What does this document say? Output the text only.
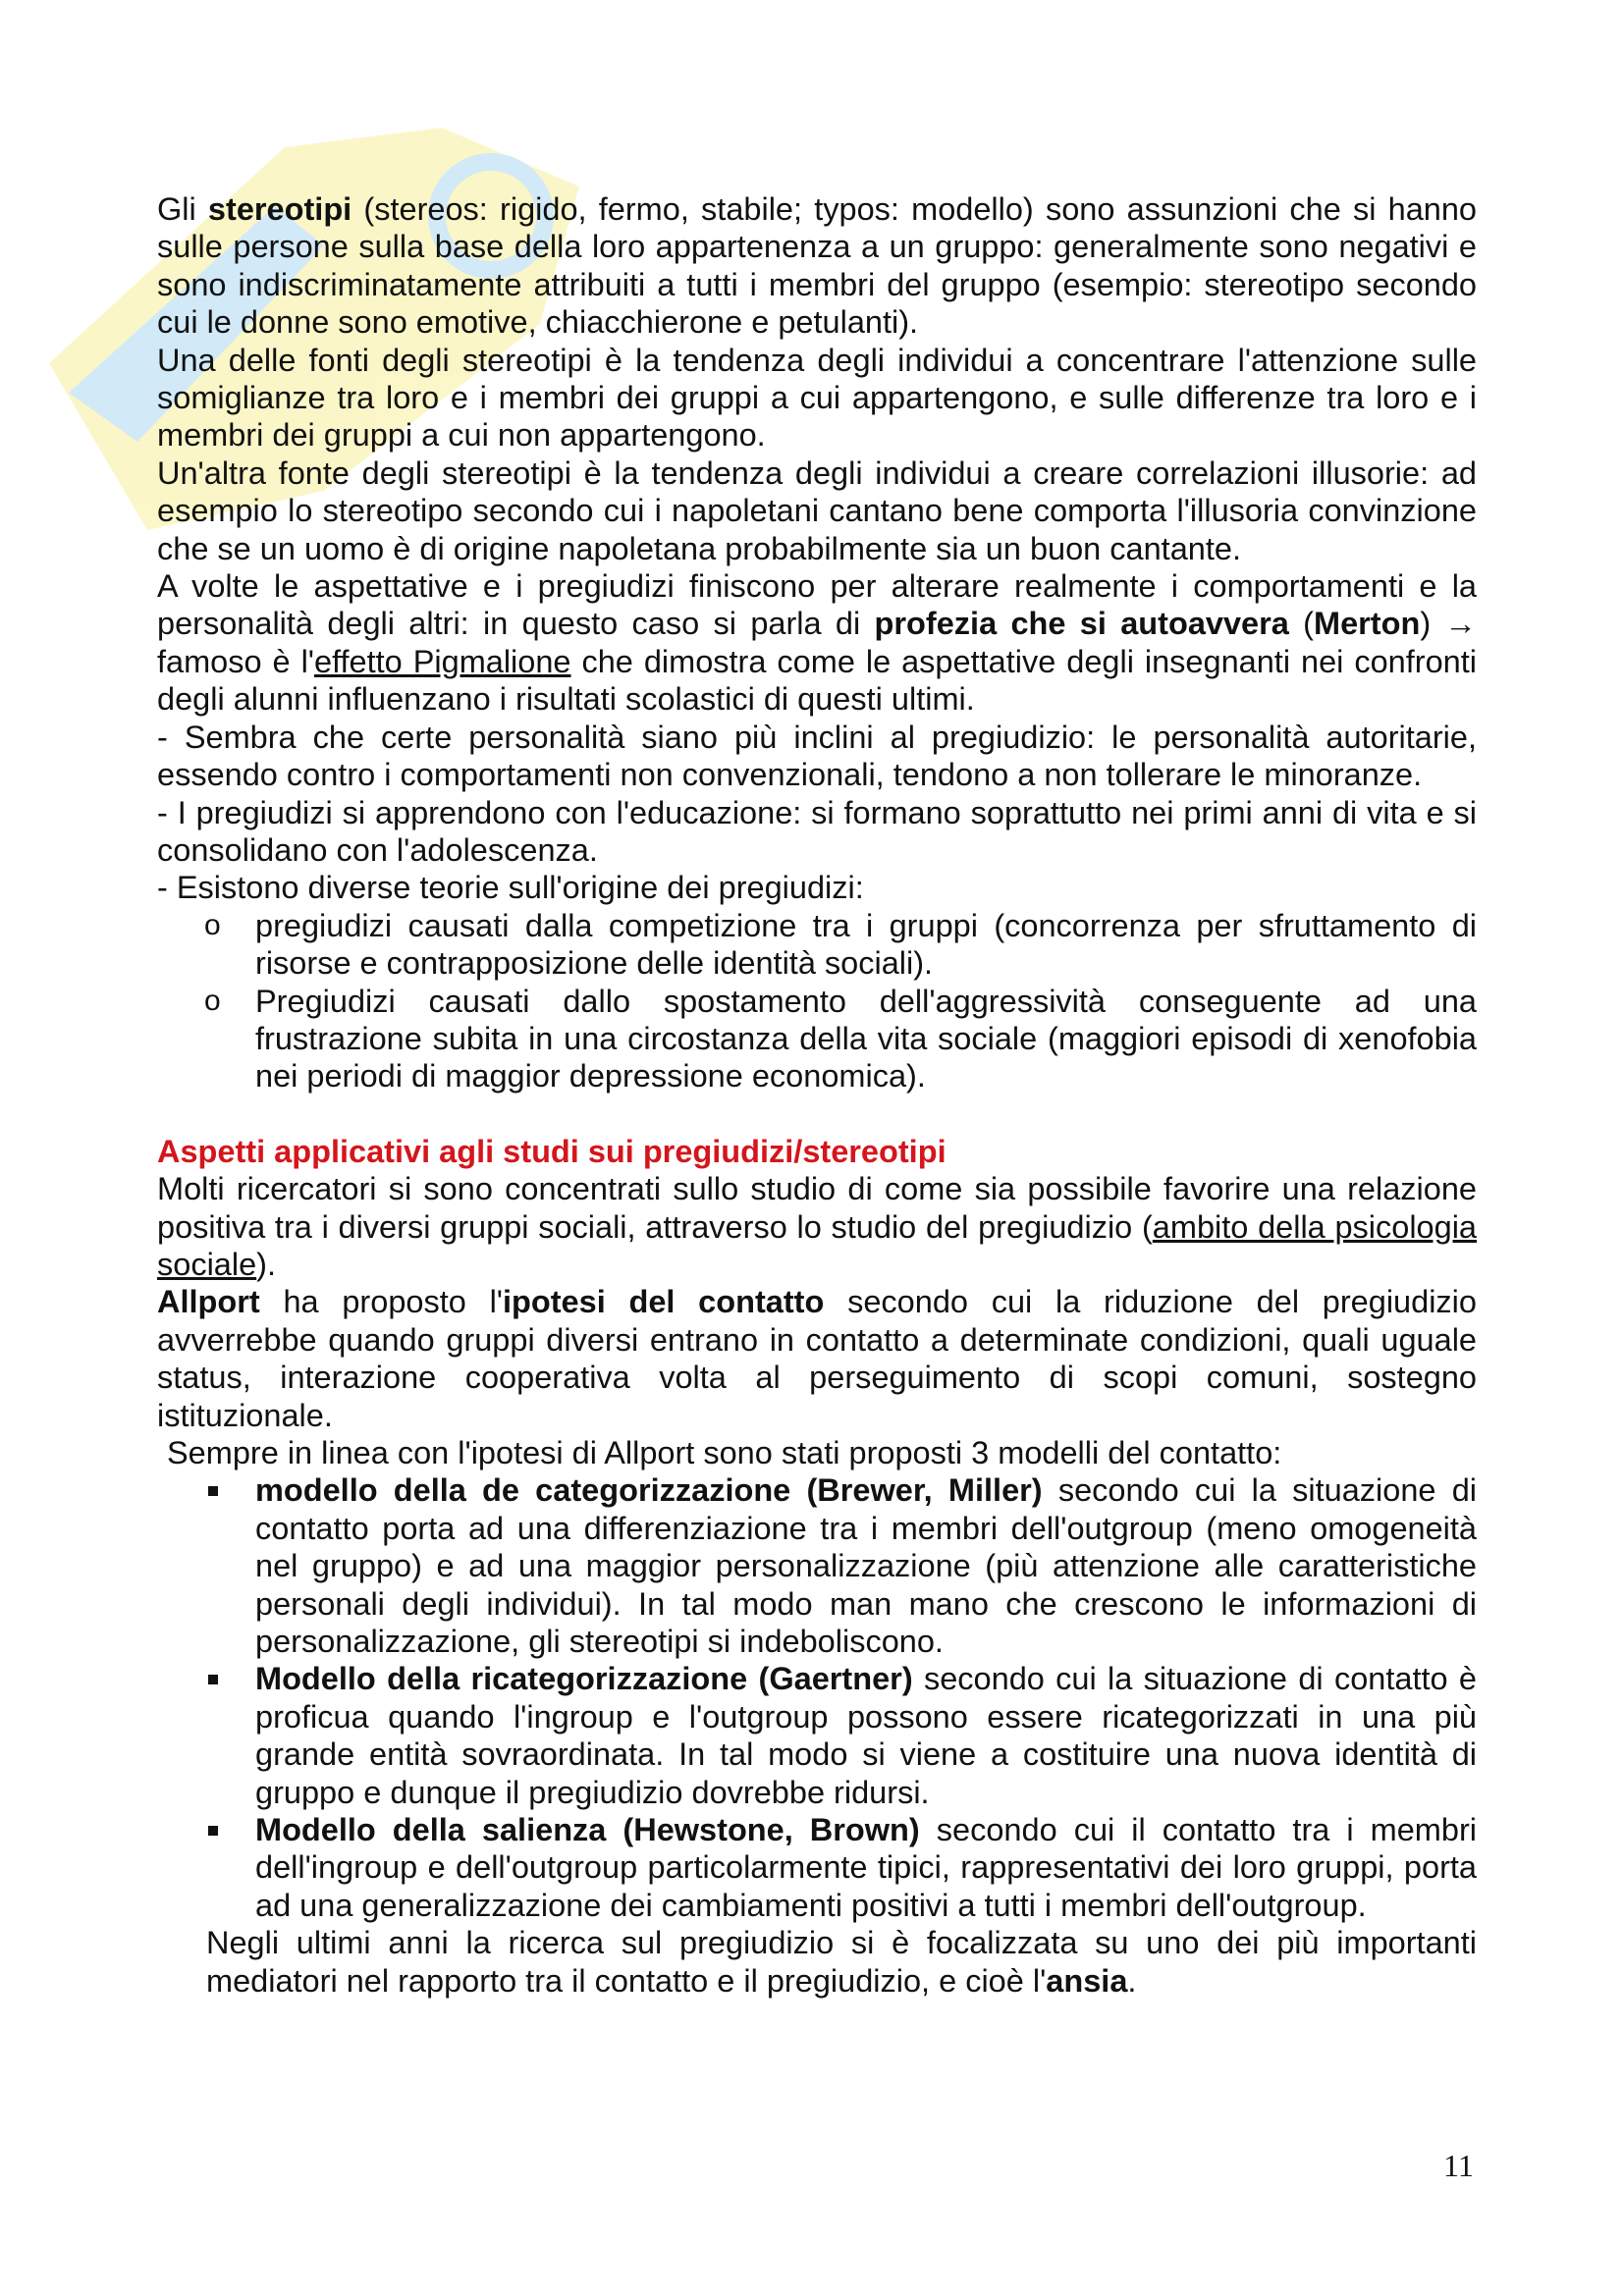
Gli stereotipi (stereos: rigido, fermo, stabile; typos: modello) sono assunzioni che si hanno sulle persone sulla base della loro appartenenza a un gruppo: generalmente sono negativi e sono indiscriminatamente attribuiti a tutti i membri del gruppo (esempio: stereotipo secondo cui le donne sono emotive, chiacchierone e petulanti).

Una delle fonti degli stereotipi è la tendenza degli individui a concentrare l'attenzione sulle somiglianze tra loro e i membri dei gruppi a cui appartengono, e sulle differenze tra loro e i membri dei gruppi a cui non appartengono.

Un'altra fonte degli stereotipi è la tendenza degli individui a creare correlazioni illusorie: ad esempio lo stereotipo secondo cui i napoletani cantano bene comporta l'illusoria convinzione che se un uomo è di origine napoletana probabilmente sia un buon cantante.

A volte le aspettative e i pregiudizi finiscono per alterare realmente i comportamenti e la personalità degli altri: in questo caso si parla di profezia che si autoavvera (Merton) → famoso è l'effetto Pigmalione che dimostra come le aspettative degli insegnanti nei confronti degli alunni influenzano i risultati scolastici di questi ultimi.

- Sembra che certe personalità siano più inclini al pregiudizio: le personalità autoritarie, essendo contro i comportamenti non convenzionali, tendono a non tollerare le minoranze.

- I pregiudizi si apprendono con l'educazione: si formano soprattutto nei primi anni di vita e si consolidano con l'adolescenza.

- Esistono diverse teorie sull'origine dei pregiudizi:

o pregiudizi causati dalla competizione tra i gruppi (concorrenza per sfruttamento di risorse e contrapposizione delle identità sociali).
o Pregiudizi causati dallo spostamento dell'aggressività conseguente ad una frustrazione subita in una circostanza della vita sociale (maggiori episodi di xenofobia nei periodi di maggior depressione economica).

Aspetti applicativi agli studi sui pregiudizi/stereotipi

Molti ricercatori si sono concentrati sullo studio di come sia possibile favorire una relazione positiva tra i diversi gruppi sociali, attraverso lo studio del pregiudizio (ambito della psicologia sociale).

Allport ha proposto l'ipotesi del contatto secondo cui la riduzione del pregiudizio avverrebbe quando gruppi diversi entrano in contatto a determinate condizioni, quali uguale status, interazione cooperativa volta al perseguimento di scopi comuni, sostegno istituzionale.

Sempre in linea con l'ipotesi di Allport sono stati proposti 3 modelli del contatto:

modello della de categorizzazione (Brewer, Miller) secondo cui la situazione di contatto porta ad una differenziazione tra i membri dell'outgroup (meno omogeneità nel gruppo) e ad una maggior personalizzazione (più attenzione alle caratteristiche personali degli individui). In tal modo man mano che crescono le informazioni di personalizzazione, gli stereotipi si indeboliscono.
Modello della ricategorizzazione (Gaertner) secondo cui la situazione di contatto è proficua quando l'ingroup e l'outgroup possono essere ricategorizzati in una più grande entità sovraordinata. In tal modo si viene a costituire una nuova identità di gruppo e dunque il pregiudizio dovrebbe ridursi.
Modello della salienza (Hewstone, Brown) secondo cui il contatto tra i membri dell'ingroup e dell'outgroup particolarmente tipici, rappresentativi dei loro gruppi, porta ad una generalizzazione dei cambiamenti positivi a tutti i membri dell'outgroup.

Negli ultimi anni la ricerca sul pregiudizio si è focalizzata su uno dei più importanti mediatori nel rapporto tra il contatto e il pregiudizio, e cioè l'ansia.

11
